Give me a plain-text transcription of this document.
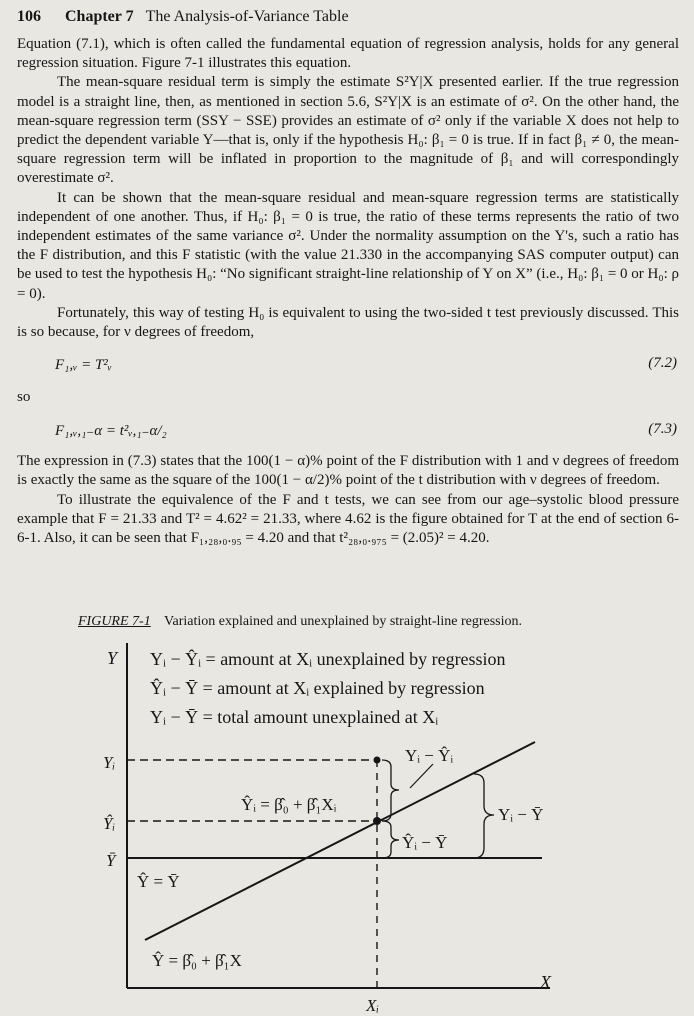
106 Chapter 7 The Analysis-of-Variance Table

Equation (7.1), which is often called the fundamental equation of regression analysis, holds for any general regression situation. Figure 7-1 illustrates this equation.

The mean-square residual term is simply the estimate S²Y|X presented earlier. If the true regression model is a straight line, then, as mentioned in section 5.6, S²Y|X is an estimate of σ². On the other hand, the mean-square regression term (SSY − SSE) provides an estimate of σ² only if the variable X does not help to predict the dependent variable Y—that is, only if the hypothesis H₀: β₁ = 0 is true. If in fact β₁ ≠ 0, the mean-square regression term will be inflated in proportion to the magnitude of β₁ and will correspondingly overestimate σ².

It can be shown that the mean-square residual and mean-square regression terms are statistically independent of one another. Thus, if H₀: β₁ = 0 is true, the ratio of these terms represents the ratio of two independent estimates of the same variance σ². Under the normality assumption on the Y's, such a ratio has the F distribution, and this F statistic (with the value 21.330 in the accompanying SAS computer output) can be used to test the hypothesis H₀: “No significant straight-line relationship of Y on X” (i.e., H₀: β₁ = 0 or H₀: ρ = 0).

Fortunately, this way of testing H₀ is equivalent to using the two-sided t test previously discussed. This is so because, for ν degrees of freedom,

F₁,ᵥ = T²ᵥ	(7.2)
so
F₁,ᵥ,₁₋α = t²ᵥ,₁₋α/₂	(7.3)

The expression in (7.3) states that the 100(1 − α)% point of the F distribution with 1 and ν degrees of freedom is exactly the same as the square of the 100(1 − α/2)% point of the t distribution with ν degrees of freedom.

To illustrate the equivalence of the F and t tests, we can see from our age–systolic blood pressure example that F = 21.33 and T² = 4.62² = 21.33, where 4.62 is the figure obtained for T at the end of section 6-6-1. Also, it can be seen that F₁,₂₈,₀.₉₅ = 4.20 and that t²₂₈,₀.₉₇₅ = (2.05)² = 4.20.

FIGURE 7-1 Variation explained and unexplained by straight-line regression.
Y
X
Yᵢ − Ŷᵢ = amount at Xᵢ unexplained by regression
Ŷᵢ − Ȳ = amount at Xᵢ explained by regression
Yᵢ − Ȳ = total amount unexplained at Xᵢ
Yᵢ
Ŷᵢ
Ȳ
Yᵢ − Ŷᵢ
Ŷᵢ = β̂₀ + β̂₁Xᵢ
Ŷᵢ − Ȳ
Yᵢ − Ȳ
Ŷ = Ȳ
Ŷ = β̂₀ + β̂₁X
Xᵢ
